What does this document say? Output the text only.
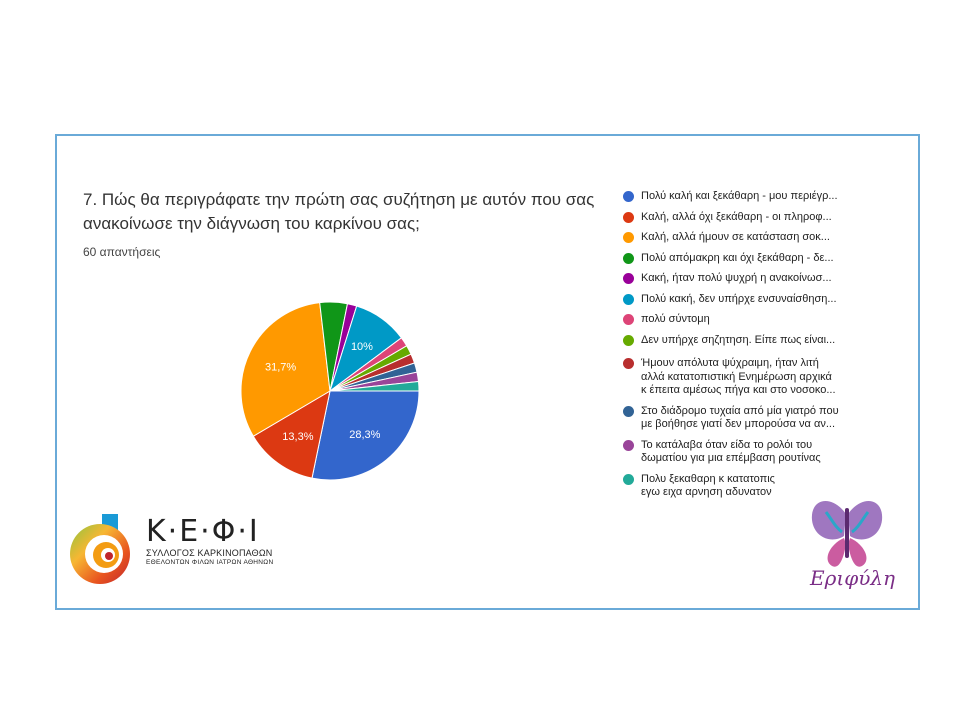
7. Πώς θα περιγράφατε την πρώτη σας συζήτηση με αυτόν που σας ανακοίνωσε την διάγνωση του καρκίνου σας;
60 απαντήσεις
28,3%
13,3%
31,7%
10%
Πολύ καλή και ξεκάθαρη - μου περιέγρ...
Καλή, αλλά όχι ξεκάθαρη - οι πληροφ...
Καλή, αλλά ήμουν σε κατάσταση σοκ...
Πολύ απόμακρη και όχι ξεκάθαρη - δε...
Κακή, ήταν πολύ ψυχρή η ανακοίνωσ...
Πολύ κακή, δεν υπήρχε ενσυναίσθηση...
πολύ σύντομη
Δεν υπήρχε σηζητηση. Είπε πως είναι...
Ήμουν απόλυτα ψύχραιμη, ήταν λιτή
αλλά κατατοπιστική Ενημέρωση αρχικά
κ έπειτα αμέσως πήγα και στο νοσοκο...
Στο διάδρομο τυχαία από μία γιατρό που
με βοήθησε γιατί δεν μπορούσα να αν...
Το κατάλαβα όταν είδα το ρολόι του
δωματίου για μια επέμβαση ρουτίνας
Πολυ ξεκαθαρη κ κατατοπις
εγω ειχα αρνηση αδυνατον
Κ·Ε·Φ·Ι
ΣΥΛΛΟΓΟΣ ΚΑΡΚΙΝΟΠΑΘΩΝ
ΕΘΕΛΟΝΤΩΝ ΦΙΛΩΝ ΙΑΤΡΩΝ ΑΘΗΝΩΝ
Εριφύλη
